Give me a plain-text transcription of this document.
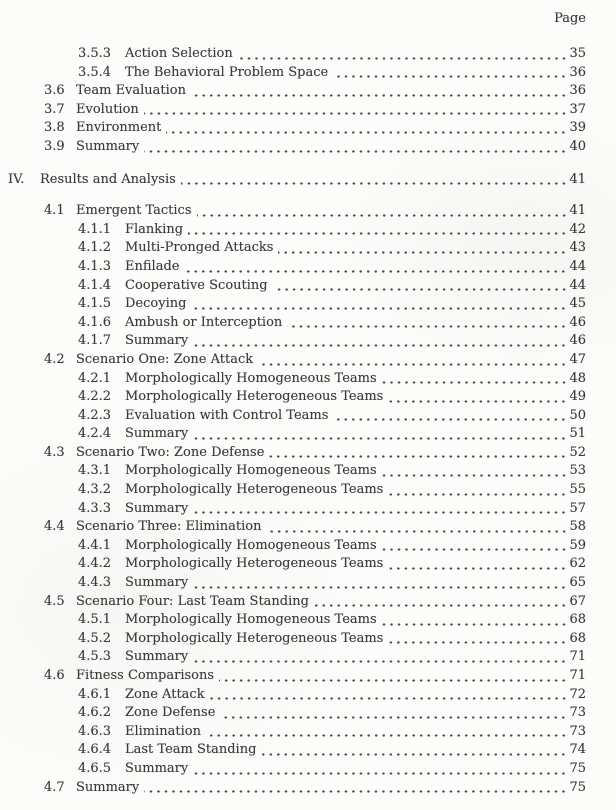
Page
3.5.3	Action Selection	35
3.5.4	The Behavioral Problem Space	36
3.6 Team Evaluation	36
3.7 Evolution	37
3.8 Environment	39
3.9 Summary	40
IV.	Results and Analysis	41
4.1 Emergent Tactics	41
4.1.1	Flanking	42
4.1.2	Multi-Pronged Attacks	43
4.1.3	Enfilade	44
4.1.4	Cooperative Scouting	44
4.1.5	Decoying	45
4.1.6	Ambush or Interception	46
4.1.7	Summary	46
4.2 Scenario One: Zone Attack	47
4.2.1	Morphologically Homogeneous Teams	48
4.2.2	Morphologically Heterogeneous Teams	49
4.2.3	Evaluation with Control Teams	50
4.2.4	Summary	51
4.3 Scenario Two: Zone Defense	52
4.3.1	Morphologically Homogeneous Teams	53
4.3.2	Morphologically Heterogeneous Teams	55
4.3.3	Summary	57
4.4 Scenario Three: Elimination	58
4.4.1	Morphologically Homogeneous Teams	59
4.4.2	Morphologically Heterogeneous Teams	62
4.4.3	Summary	65
4.5 Scenario Four: Last Team Standing	67
4.5.1	Morphologically Homogeneous Teams	68
4.5.2	Morphologically Heterogeneous Teams	68
4.5.3	Summary	71
4.6 Fitness Comparisons	71
4.6.1	Zone Attack	72
4.6.2	Zone Defense	73
4.6.3	Elimination	73
4.6.4	Last Team Standing	74
4.6.5	Summary	75
4.7 Summary	75
